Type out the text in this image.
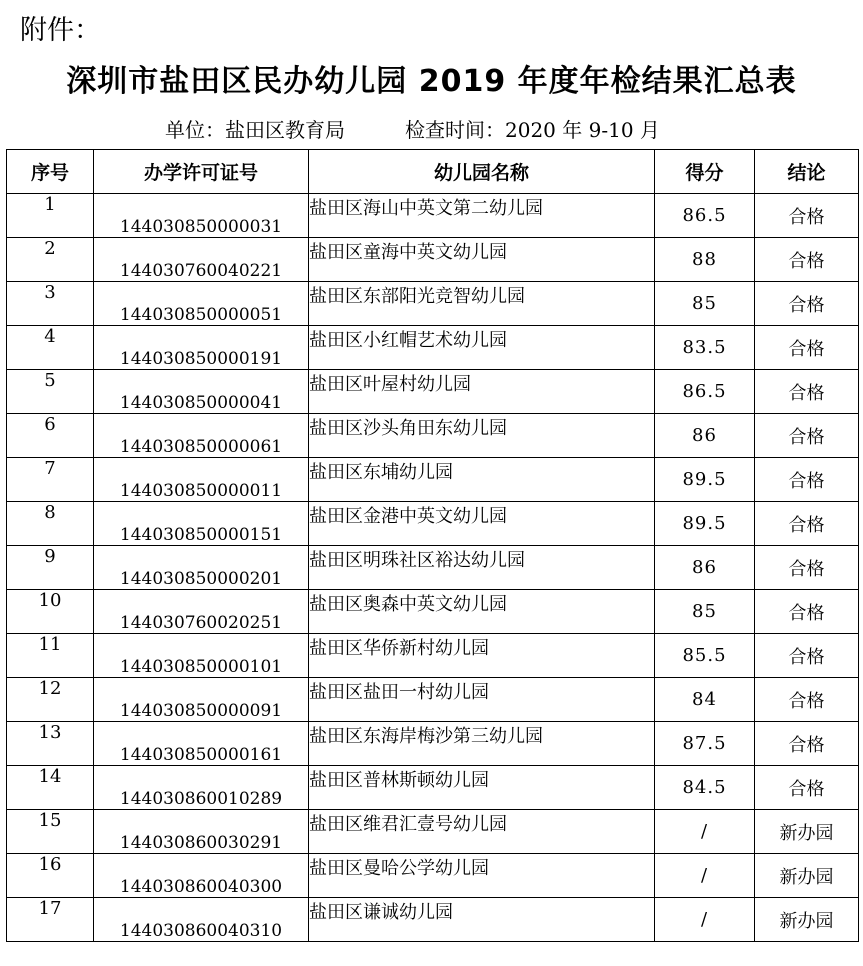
附件：
深圳市盐田区民办幼儿园 2019 年度年检结果汇总表
单位：盐田区教育局	检查时间：2020 年 9-10 月
序号	办学许可证号	幼儿园名称	得分	结论
1	144030850000031	盐田区海山中英文第二幼儿园	86.5	合格
2	144030760040221	盐田区童海中英文幼儿园	88	合格
3	144030850000051	盐田区东部阳光竞智幼儿园	85	合格
4	144030850000191	盐田区小红帽艺术幼儿园	83.5	合格
5	144030850000041	盐田区叶屋村幼儿园	86.5	合格
6	144030850000061	盐田区沙头角田东幼儿园	86	合格
7	144030850000011	盐田区东埔幼儿园	89.5	合格
8	144030850000151	盐田区金港中英文幼儿园	89.5	合格
9	144030850000201	盐田区明珠社区裕达幼儿园	86	合格
10	144030760020251	盐田区奥森中英文幼儿园	85	合格
11	144030850000101	盐田区华侨新村幼儿园	85.5	合格
12	144030850000091	盐田区盐田一村幼儿园	84	合格
13	144030850000161	盐田区东海岸梅沙第三幼儿园	87.5	合格
14	144030860010289	盐田区普林斯顿幼儿园	84.5	合格
15	144030860030291	盐田区维君汇壹号幼儿园	/	新办园
16	144030860040300	盐田区曼哈公学幼儿园	/	新办园
17	144030860040310	盐田区谦诚幼儿园	/	新办园
